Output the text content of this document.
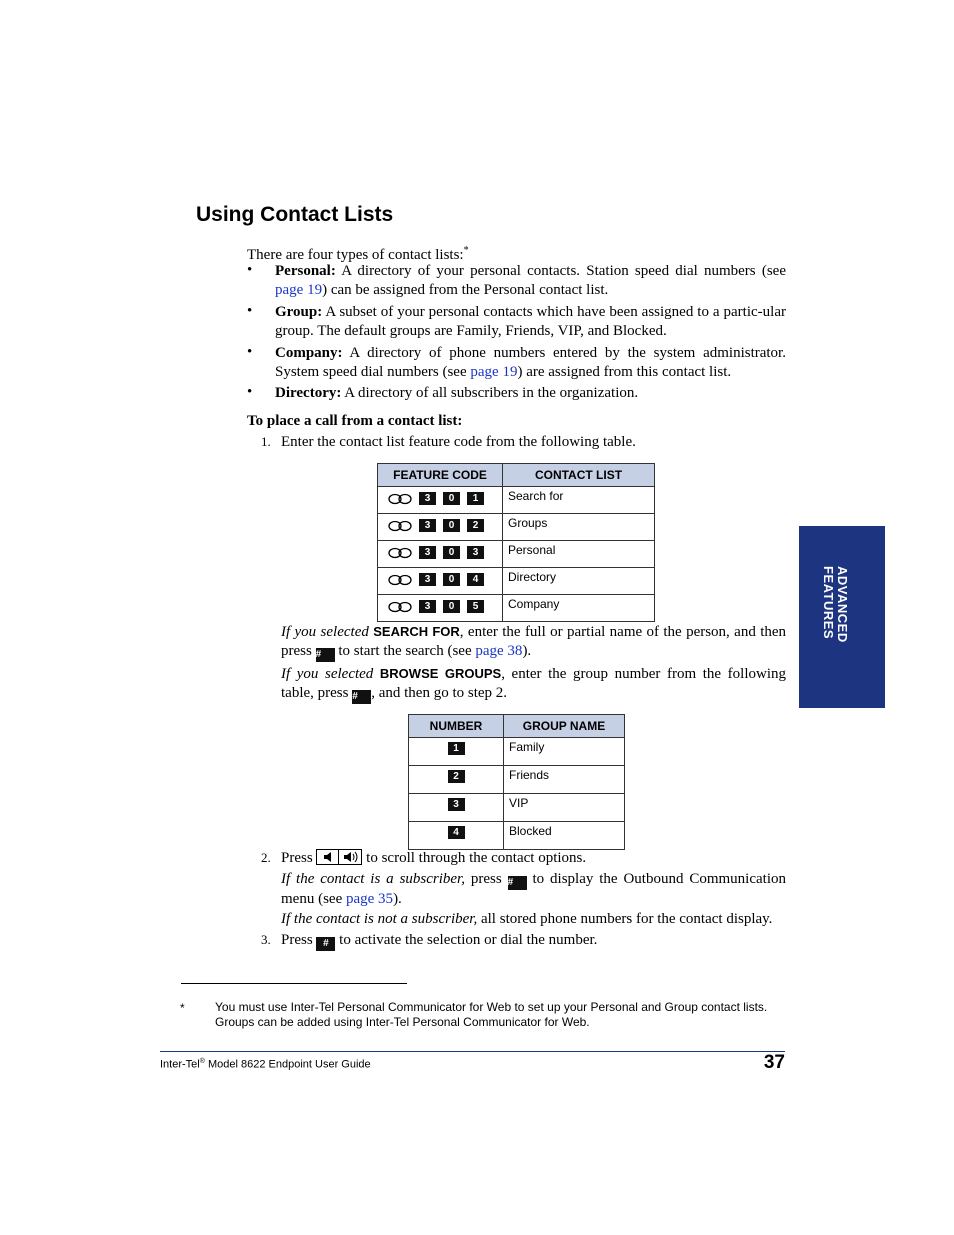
Using Contact Lists
There are four types of contact lists:*
• Personal: A directory of your personal contacts. Station speed dial numbers (see page 19) can be assigned from the Personal contact list.
• Group: A subset of your personal contacts which have been assigned to a partic-ular group. The default groups are Family, Friends, VIP, and Blocked.
• Company: A directory of phone numbers entered by the system administrator. System speed dial numbers (see page 19) are assigned from this contact list.
• Directory: A directory of all subscribers in the organization.
To place a call from a contact list:
1. Enter the contact list feature code from the following table.
FEATURE CODE	CONTACT LIST

3 0 1	Search for

3 0 2	Groups

3 0 3	Personal

3 0 4	Directory

3 0 5	Company
If you selected SEARCH FOR, enter the full or partial name of the person, and then press # to start the search (see page 38).
If you selected BROWSE GROUPS, enter the group number from the following table, press # , and then go to step 2.
NUMBER	GROUP NAME
1	Family
2	Friends
3	VIP
4	Blocked
2. Press	to scroll through the contact options.
If the contact is a subscriber, press # to display the Outbound Communication menu (see page 35).
If the contact is not a subscriber, all stored phone numbers for the contact display.
3. Press # to activate the selection or dial the number.
*	You must use Inter-Tel Personal Communicator for Web to set up your Personal and Group contact lists. Groups can be added using Inter-Tel Personal Communicator for Web.
Inter-Tel® Model 8622 Endpoint User Guide	37
ADVANCED FEATURES
